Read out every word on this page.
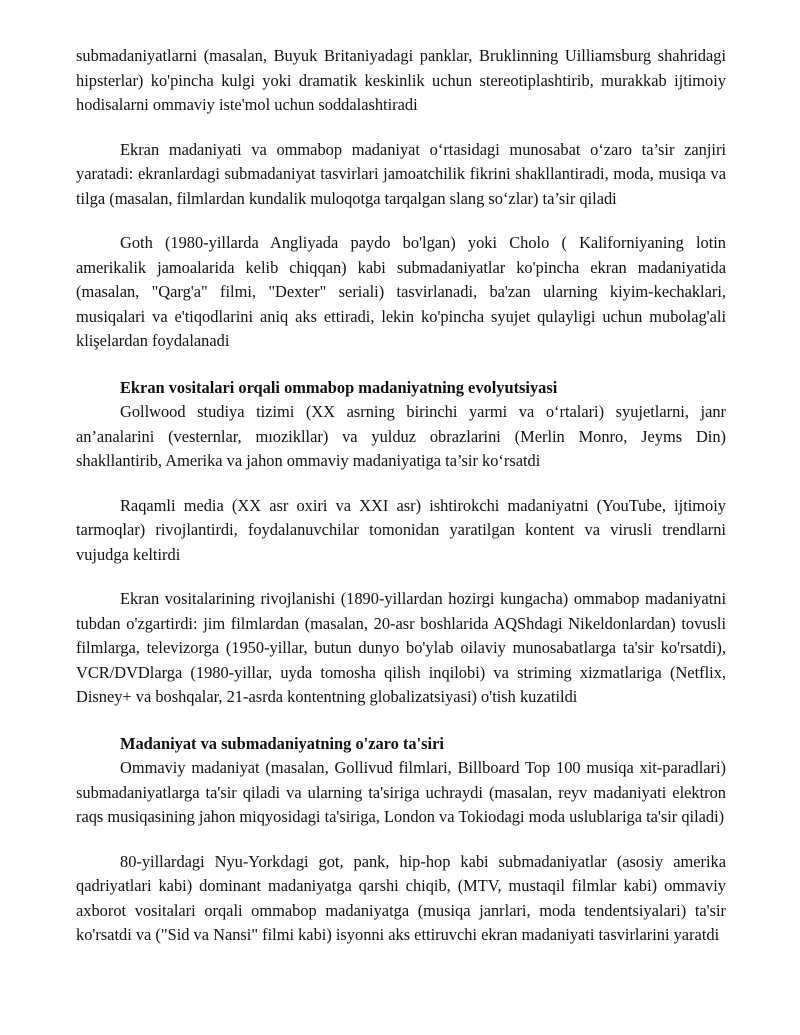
submadaniyatlarni (masalan, Buyuk Britaniyadagi panklar, Bruklinning Uilliamsburg shahridagi hipsterlar) ko'pincha kulgi yoki dramatik keskinlik uchun stereotiplashtirib, murakkab ijtimoiy hodisalarni ommaviy iste'mol uchun soddalashtiradi

Ekran madaniyati va ommabop madaniyat o‘rtasidagi munosabat o‘zaro ta’sir zanjiri yaratadi: ekranlardagi submadaniyat tasvirlari jamoatchilik fikrini shakllantiradi, moda, musiqa va tilga (masalan, filmlardan kundalik muloqotga tarqalgan slang so‘zlar) ta’sir qiladi

Goth (1980-yillarda Angliyada paydo bo'lgan) yoki Cholo ( Kaliforniyaning lotin amerikalik jamoalarida kelib chiqqan) kabi submadaniyatlar ko'pincha ekran madaniyatida (masalan, "Qarg'a" filmi, "Dexter" seriali) tasvirlanadi, ba'zan ularning kiyim-kechaklari, musiqalari va e'tiqodlarini aniq aks ettiradi, lekin ko'pincha syujet qulayligi uchun mubolag'ali klişelardan foydalanadi

Ekran vositalari orqali ommabop madaniyatning evolyutsiyasi

Gollwood studiya tizimi (XX asrning birinchi yarmi va o‘rtalari) syujetlarni, janr an’analarini (vesternlar, mıozikllar) va yulduz obrazlarini (Merlin Monro, Jeyms Din) shakllantirib, Amerika va jahon ommaviy madaniyatiga ta’sir ko‘rsatdi

Raqamli media (XX asr oxiri va XXI asr) ishtirokchi madaniyatni (YouTube, ijtimoiy tarmoqlar) rivojlantirdi, foydalanuvchilar tomonidan yaratilgan kontent va virusli trendlarni vujudga keltirdi

Ekran vositalarining rivojlanishi (1890-yillardan hozirgi kungacha) ommabop madaniyatni tubdan o'zgartirdi: jim filmlardan (masalan, 20-asr boshlarida AQShdagi Nikeldonlardan) tovusli filmlarga, televizorga (1950-yillar, butun dunyo bo'ylab oilaviy munosabatlarga ta'sir ko'rsatdi), VCR/DVDlarga (1980-yillar, uyda tomosha qilish inqilobi) va striming xizmatlariga (Netflix, Disney+ va boshqalar, 21-asrda kontentning globalizatsiyasi) o'tish kuzatildi

Madaniyat va submadaniyatning o'zaro ta'siri

Ommaviy madaniyat (masalan, Gollivud filmlari, Billboard Top 100 musiqa xit-paradlari) submadaniyatlarga ta'sir qiladi va ularning ta'siriga uchraydi (masalan, reyv madaniyati elektron raqs musiqasining jahon miqyosidagi ta'siriga, London va Tokiodagi moda uslublariga ta'sir qiladi)

80-yillardagi Nyu-Yorkdagi got, pank, hip-hop kabi submadaniyatlar (asosiy amerika qadriyatlari kabi) dominant madaniyatga qarshi chiqib, (MTV, mustaqil filmlar kabi) ommaviy axborot vositalari orqali ommabop madaniyatga (musiqa janrlari, moda tendentsiyalari) ta'sir ko'rsatdi va ("Sid va Nansi" filmi kabi) isyonni aks ettiruvchi ekran madaniyati tasvirlarini yaratdi
